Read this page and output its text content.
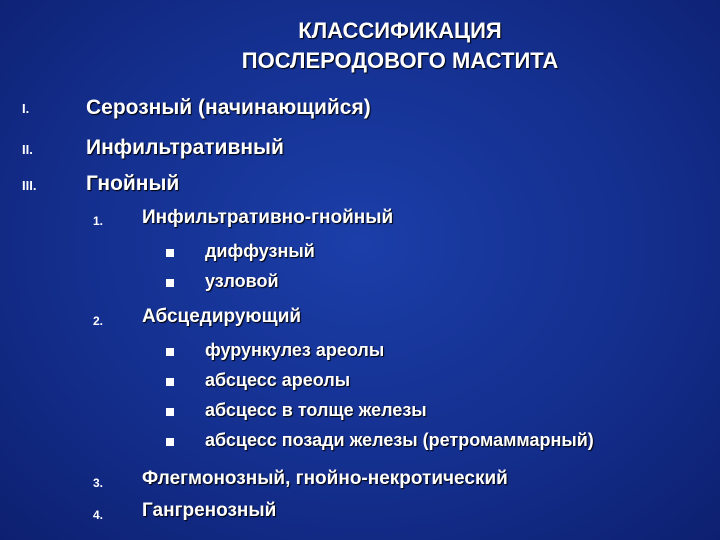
КЛАССИФИКАЦИЯ
ПОСЛЕРОДОВОГО МАСТИТА
I.	Серозный (начинающийся)
II.	Инфильтративный
III. Гнойный
1. Инфильтративно-гнойный
диффузный
узловой
2. Абсцедирующий
фурункулез ареолы
абсцесс ареолы
абсцесс в толще железы
абсцесс позади железы (ретромаммарный)
3. Флегмонозный, гнойно-некротический
4. Гангренозный
